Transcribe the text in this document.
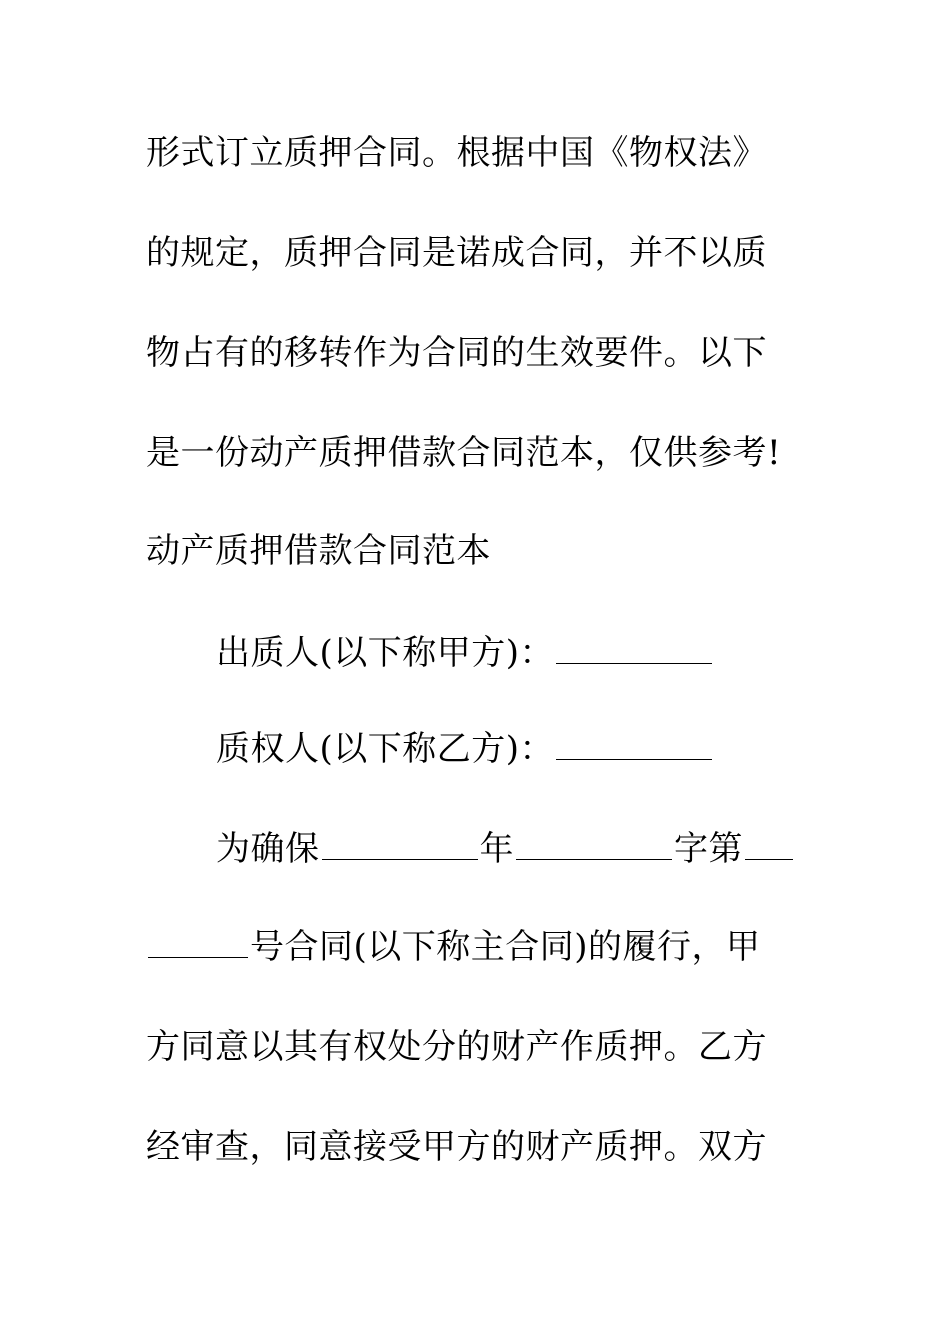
形式订立质押合同。根据中国《物权法》
的规定，质押合同是诺成合同，并不以质
物占有的移转作为合同的生效要件。以下
是一份动产质押借款合同范本，仅供参考!
动产质押借款合同范本
出质人(以下称甲方)：
质权人(以下称乙方)：
为确保	年	字第
号合同(以下称主合同)的履行，甲
方同意以其有权处分的财产作质押。乙方
经审查，同意接受甲方的财产质押。双方
